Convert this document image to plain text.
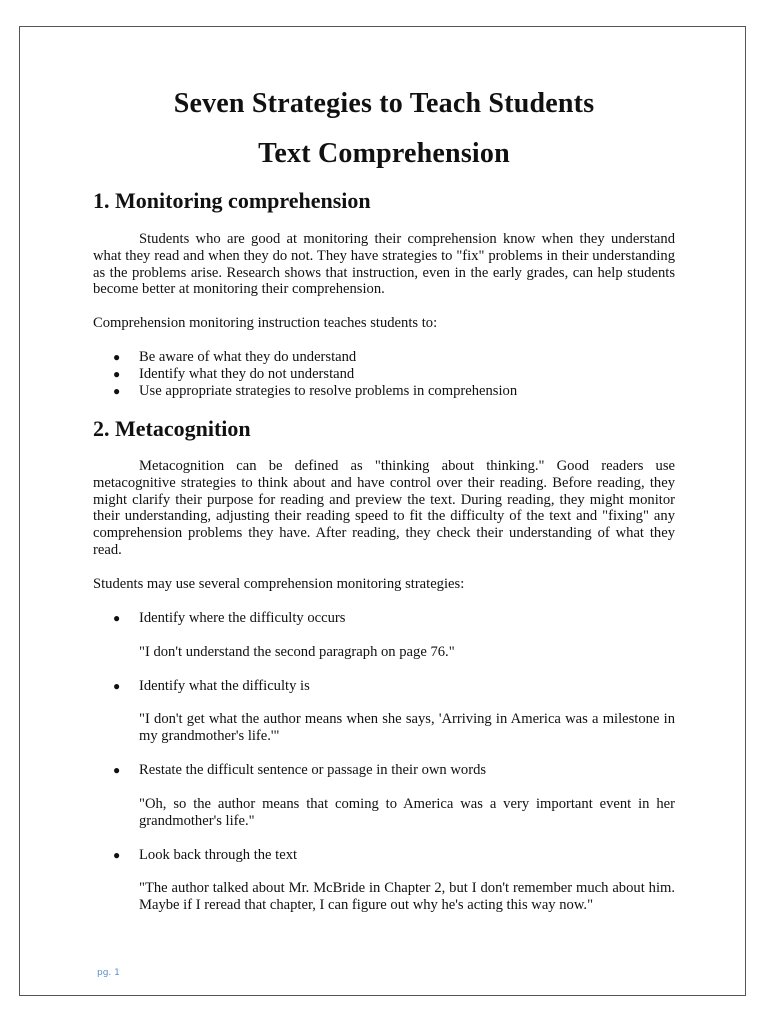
Seven Strategies to Teach Students
Text Comprehension
1. Monitoring comprehension

Students who are good at monitoring their comprehension know when they understand what they read and when they do not. They have strategies to "fix" problems in their understanding as the problems arise. Research shows that instruction, even in the early grades, can help students become better at monitoring their comprehension.

Comprehension monitoring instruction teaches students to:

● Be aware of what they do understand
● Identify what they do not understand
● Use appropriate strategies to resolve problems in comprehension
2. Metacognition

Metacognition can be defined as "thinking about thinking." Good readers use metacognitive strategies to think about and have control over their reading. Before reading, they might clarify their purpose for reading and preview the text. During reading, they might monitor their understanding, adjusting their reading speed to fit the difficulty of the text and "fixing" any comprehension problems they have. After reading, they check their understanding of what they read.

Students may use several comprehension monitoring strategies:

● Identify where the difficulty occurs

"I don't understand the second paragraph on page 76."

● Identify what the difficulty is

"I don't get what the author means when she says, 'Arriving in America was a milestone in my grandmother's life.'"

● Restate the difficult sentence or passage in their own words

"Oh, so the author means that coming to America was a very important event in her grandmother's life."

● Look back through the text

"The author talked about Mr. McBride in Chapter 2, but I don't remember much about him. Maybe if I reread that chapter, I can figure out why he's acting this way now."

pg. 1
